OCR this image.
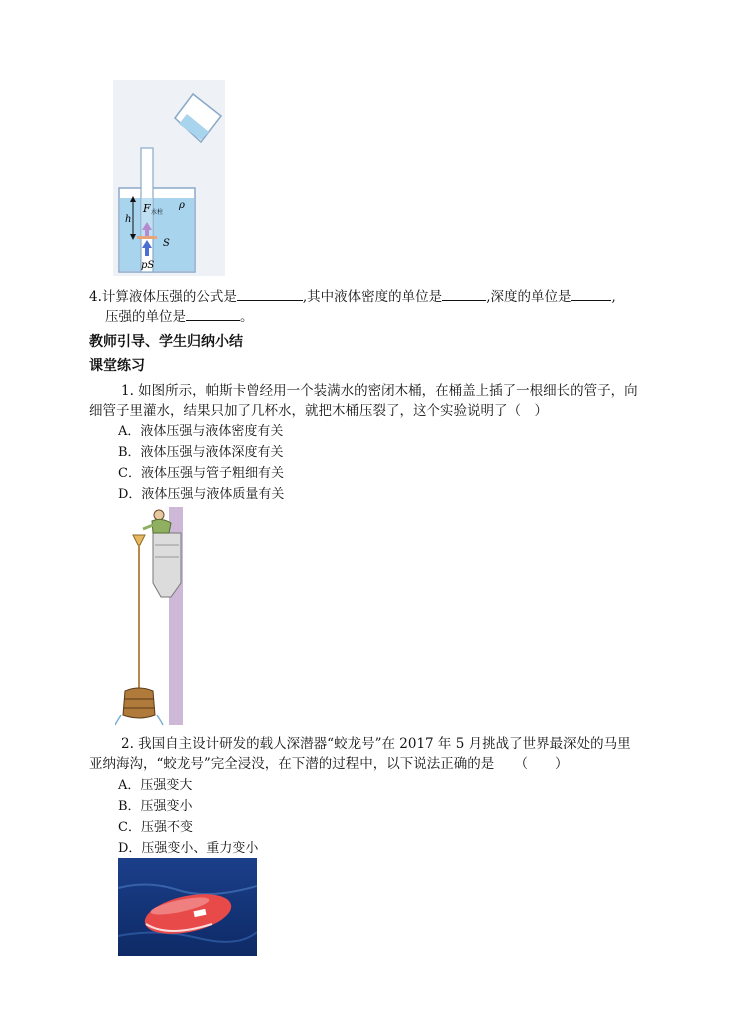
F 水柱
ρ
h
S
pS
4.计算液体压强的公式是	,其中液体密度的单位是	,深度的单位是	,
压强的单位是	。
教师引导、学生归纳小结
课堂练习
1. 如图所示，帕斯卡曾经用一个装满水的密闭木桶，在桶盖上插了一根细长的管子，向
细管子里灌水，结果只加了几杯水，就把木桶压裂了，这个实验说明了（　）
A．液体压强与液体密度有关
B．液体压强与液体深度有关
C．液体压强与管子粗细有关
D．液体压强与液体质量有关
2. 我国自主设计研发的载人深潜器“蛟龙号”在 2017 年 5 月挑战了世界最深处的马里
亚纳海沟，“蛟龙号”完全浸没，在下潜的过程中，以下说法正确的是　　（　　）
A．压强变大
B．压强变小
C．压强不变
D．压强变小、重力变小
